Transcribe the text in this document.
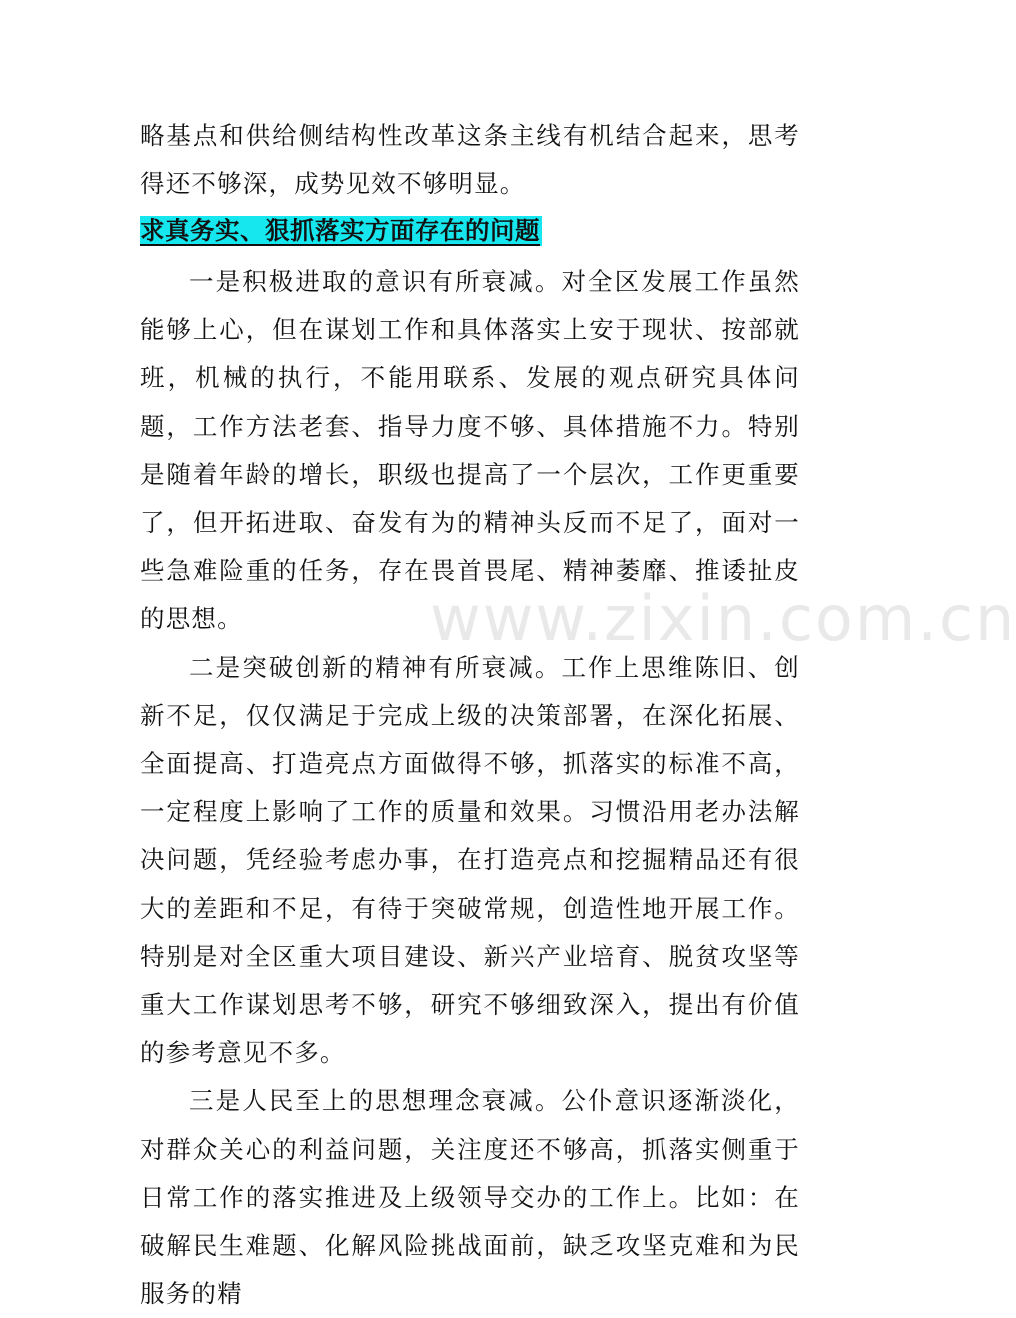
略基点和供给侧结构性改革这条主线有机结合起来，思考得还不够深，成势见效不够明显。
求真务实、狠抓落实方面存在的问题

一是积极进取的意识有所衰减。对全区发展工作虽然能够上心，但在谋划工作和具体落实上安于现状、按部就班，机械的执行，不能用联系、发展的观点研究具体问题，工作方法老套、指导力度不够、具体措施不力。特别是随着年龄的增长，职级也提高了一个层次，工作更重要了，但开拓进取、奋发有为的精神头反而不足了，面对一些急难险重的任务，存在畏首畏尾、精神萎靡、推诿扯皮的思想。

二是突破创新的精神有所衰减。工作上思维陈旧、创新不足，仅仅满足于完成上级的决策部署，在深化拓展、全面提高、打造亮点方面做得不够，抓落实的标准不高，一定程度上影响了工作的质量和效果。习惯沿用老办法解决问题，凭经验考虑办事，在打造亮点和挖掘精品还有很大的差距和不足，有待于突破常规，创造性地开展工作。特别是对全区重大项目建设、新兴产业培育、脱贫攻坚等重大工作谋划思考不够，研究不够细致深入，提出有价值的参考意见不多。

三是人民至上的思想理念衰减。公仆意识逐渐淡化，对群众关心的利益问题，关注度还不够高，抓落实侧重于日常工作的落实推进及上级领导交办的工作上。比如：在破解民生难题、化解风险挑战面前，缺乏攻坚克难和为民服务的精

www.zixin.com.cn
